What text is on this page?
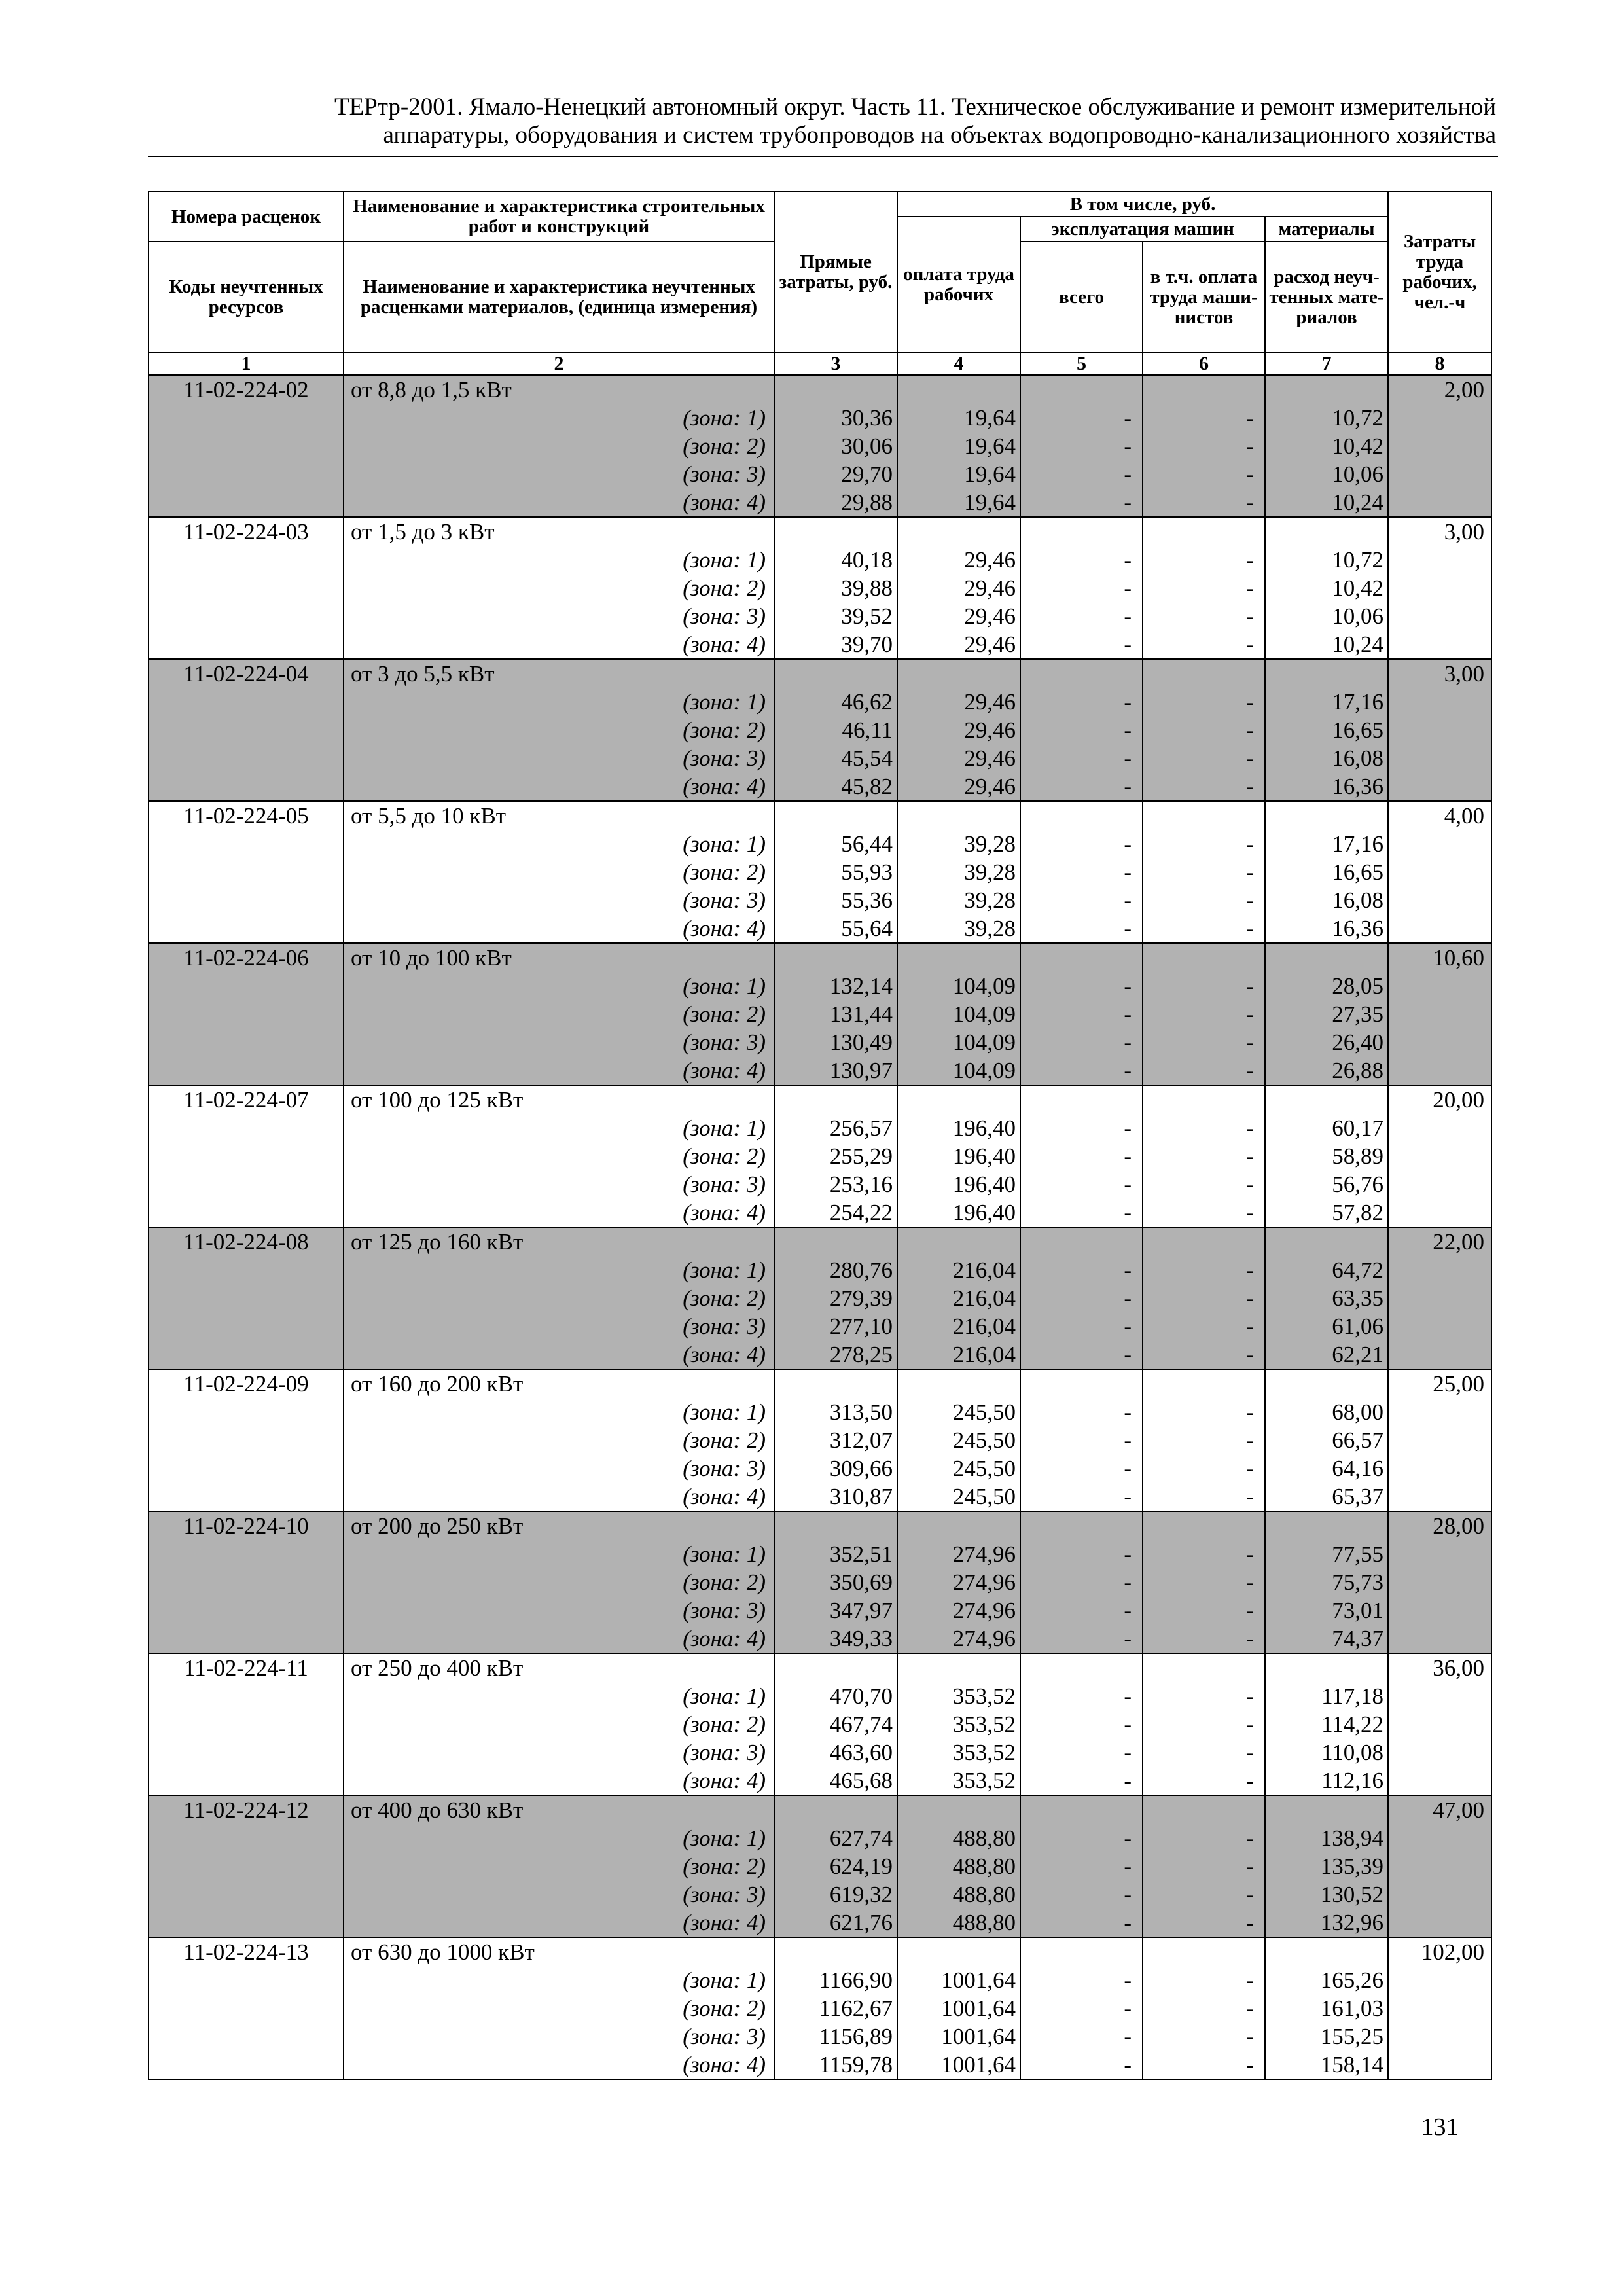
ТЕРтр-2001. Ямало-Ненецкий автономный округ. Часть 11. Техническое обслуживание и ремонт измерительной
аппаратуры, оборудования и систем трубопроводов на объектах водопроводно-канализационного хозяйства
Номера расценок	Наименование и характеристика строительных работ и конструкций	Прямые затраты, руб.	В том числе, руб.				Затраты труда рабочих, чел.-ч
			оплата труда рабочих	эксплуатация машин		материалы	
Коды неучтенных ресурсов	Наименование и характеристика неучтенных расценками материалов, (единица измерения)			всего	в т.ч. оплата труда маши-нистов	расход неуч-тенных мате-риалов	

1	2	3	4	5	6	7	8
11-02-224-02	от 8,8 до 1,5 кВт						2,00
	(зона: 1)	30,36	19,64	-	-	10,72	
	(зона: 2)	30,06	19,64	-	-	10,42	
	(зона: 3)	29,70	19,64	-	-	10,06	
	(зона: 4)	29,88	19,64	-	-	10,24	
11-02-224-03	от 1,5 до 3 кВт						3,00
	(зона: 1)	40,18	29,46	-	-	10,72	
	(зона: 2)	39,88	29,46	-	-	10,42	
	(зона: 3)	39,52	29,46	-	-	10,06	
	(зона: 4)	39,70	29,46	-	-	10,24	
11-02-224-04	от 3 до 5,5 кВт						3,00
	(зона: 1)	46,62	29,46	-	-	17,16	
	(зона: 2)	46,11	29,46	-	-	16,65	
	(зона: 3)	45,54	29,46	-	-	16,08	
	(зона: 4)	45,82	29,46	-	-	16,36	
11-02-224-05	от 5,5 до 10 кВт						4,00
	(зона: 1)	56,44	39,28	-	-	17,16	
	(зона: 2)	55,93	39,28	-	-	16,65	
	(зона: 3)	55,36	39,28	-	-	16,08	
	(зона: 4)	55,64	39,28	-	-	16,36	
11-02-224-06	от 10 до 100 кВт						10,60
	(зона: 1)	132,14	104,09	-	-	28,05	
	(зона: 2)	131,44	104,09	-	-	27,35	
	(зона: 3)	130,49	104,09	-	-	26,40	
	(зона: 4)	130,97	104,09	-	-	26,88	
11-02-224-07	от 100 до 125 кВт						20,00
	(зона: 1)	256,57	196,40	-	-	60,17	
	(зона: 2)	255,29	196,40	-	-	58,89	
	(зона: 3)	253,16	196,40	-	-	56,76	
	(зона: 4)	254,22	196,40	-	-	57,82	
11-02-224-08	от 125 до 160 кВт						22,00
	(зона: 1)	280,76	216,04	-	-	64,72	
	(зона: 2)	279,39	216,04	-	-	63,35	
	(зона: 3)	277,10	216,04	-	-	61,06	
	(зона: 4)	278,25	216,04	-	-	62,21	
11-02-224-09	от 160 до 200 кВт						25,00
	(зона: 1)	313,50	245,50	-	-	68,00	
	(зона: 2)	312,07	245,50	-	-	66,57	
	(зона: 3)	309,66	245,50	-	-	64,16	
	(зона: 4)	310,87	245,50	-	-	65,37	
11-02-224-10	от 200 до 250 кВт						28,00
	(зона: 1)	352,51	274,96	-	-	77,55	
	(зона: 2)	350,69	274,96	-	-	75,73	
	(зона: 3)	347,97	274,96	-	-	73,01	
	(зона: 4)	349,33	274,96	-	-	74,37	
11-02-224-11	от 250 до 400 кВт						36,00
	(зона: 1)	470,70	353,52	-	-	117,18	
	(зона: 2)	467,74	353,52	-	-	114,22	
	(зона: 3)	463,60	353,52	-	-	110,08	
	(зона: 4)	465,68	353,52	-	-	112,16	
11-02-224-12	от 400 до 630 кВт						47,00
	(зона: 1)	627,74	488,80	-	-	138,94	
	(зона: 2)	624,19	488,80	-	-	135,39	
	(зона: 3)	619,32	488,80	-	-	130,52	
	(зона: 4)	621,76	488,80	-	-	132,96	
11-02-224-13	от 630 до 1000 кВт						102,00
	(зона: 1)	1166,90	1001,64	-	-	165,26	
	(зона: 2)	1162,67	1001,64	-	-	161,03	
	(зона: 3)	1156,89	1001,64	-	-	155,25	
	(зона: 4)	1159,78	1001,64	-	-	158,14	
131
